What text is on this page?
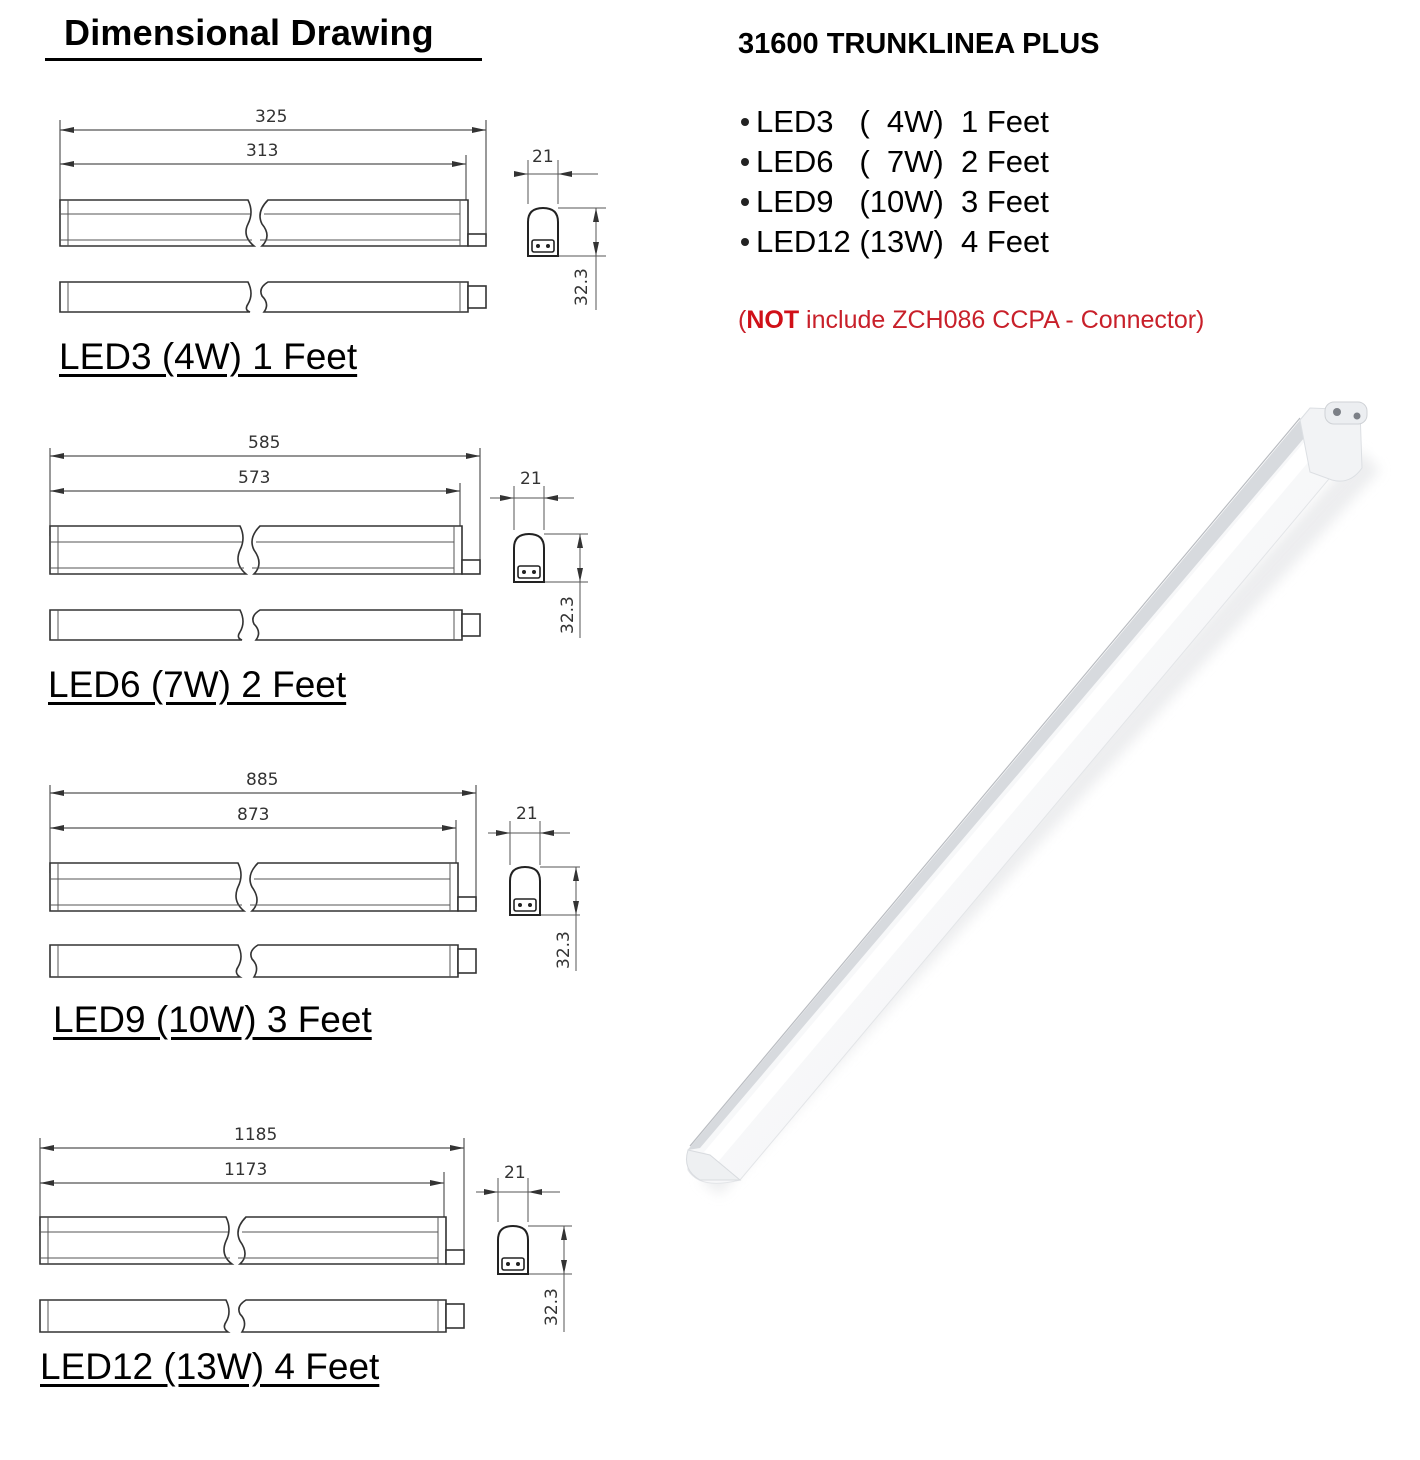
Dimensional Drawing
325
313	21
32.3
LED3 (4W) 1 Feet
585
573	21
32.3
LED6 (7W) 2 Feet
885
873	21
32.3
LED9 (10W) 3 Feet
1185
1173	21
32.3
LED12 (13W) 4 Feet
31600 TRUNKLINEA PLUS
LED3   (  4W)  1 Feet
LED6   (  7W)  2 Feet
LED9   (10W)  3 Feet
LED12 (13W)  4 Feet
(NOT include ZCH086 CCPA - Connector)
